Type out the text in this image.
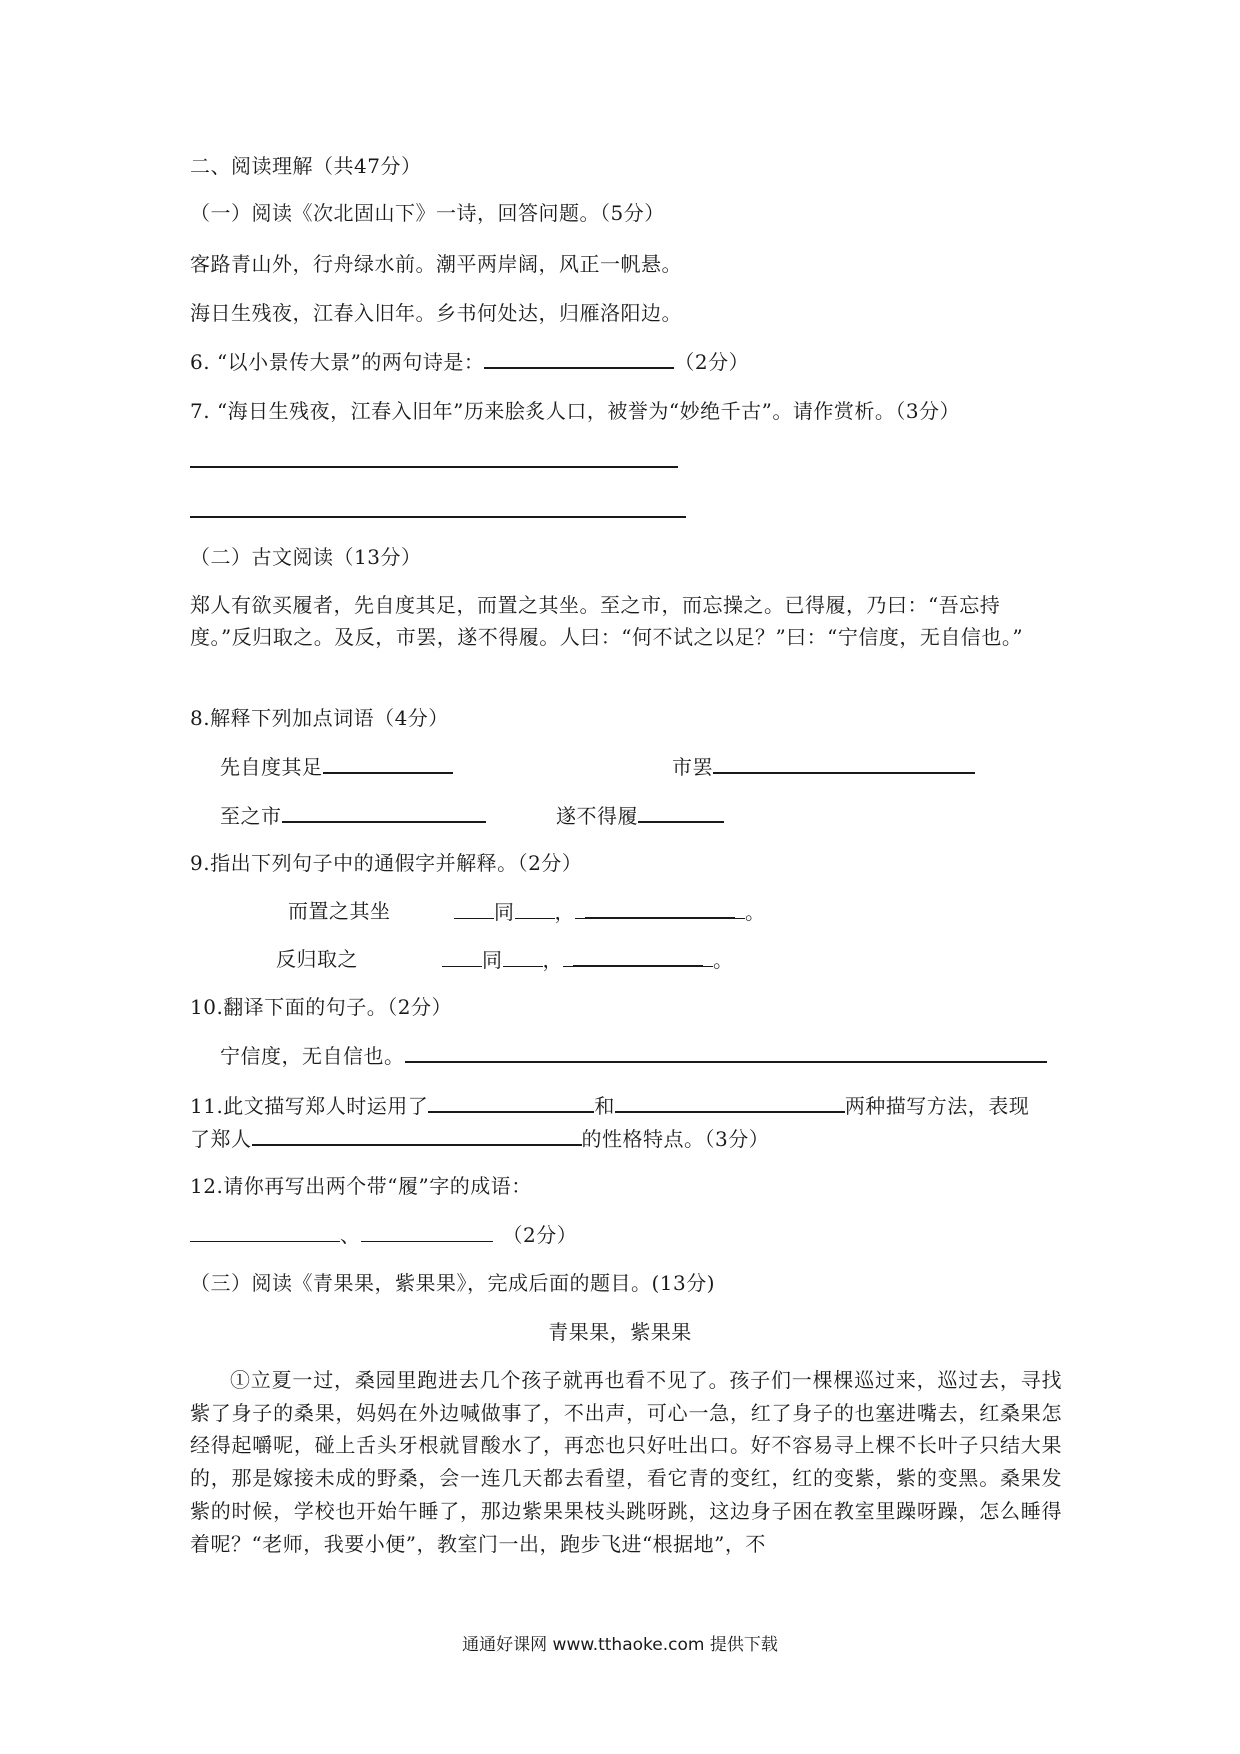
二、阅读理解（共47分）
（一）阅读《次北固山下》一诗，回答问题。（5分）
客路青山外，行舟绿水前。潮平两岸阔，风正一帆悬。
海日生残夜，江春入旧年。乡书何处达，归雁洛阳边。
6. “以小景传大景”的两句诗是：	（2分）
7. “海日生残夜，江春入旧年”历来脍炙人口，被誉为“妙绝千古”。请作赏析。（3分）
（二）古文阅读（13分）
郑人有欲买履者，先自度其足，而置之其坐。至之市，而忘操之。已得履，乃曰：“吾忘持度。”反归取之。及反，市罢，遂不得履。人曰：“何不试之以足？”曰：“宁信度，无自信也。”
8.解释下列加点词语（4分）
先自度其足	市罢
至之市	遂不得履
9.指出下列句子中的通假字并解释。（2分）
而置之其坐	同 ，	。
反归取之	同 ，	。
10.翻译下面的句子。（2分）
宁信度，无自信也。
11.此文描写郑人时运用了	和	两种描写方法，表现
了郑人	的性格特点。（3分）
12.请你再写出两个带“履”字的成语：
、	（2分）
（三）阅读《青果果，紫果果》，完成后面的题目。(13分)
青果果，紫果果
①立夏一过，桑园里跑进去几个孩子就再也看不见了。孩子们一棵棵巡过来，巡过去，寻找紫了身子的桑果，妈妈在外边喊做事了，不出声，可心一急，红了身子的也塞进嘴去，红桑果怎经得起嚼呢，碰上舌头牙根就冒酸水了，再恋也只好吐出口。好不容易寻上棵不长叶子只结大果的，那是嫁接未成的野桑，会一连几天都去看望，看它青的变红，红的变紫，紫的变黑。桑果发紫的时候，学校也开始午睡了，那边紫果果枝头跳呀跳，这边身子困在教室里躁呀躁，怎么睡得着呢？“老师，我要小便”，教室门一出，跑步飞进“根据地”，不
通通好课网 www.tthaoke.com 提供下载
